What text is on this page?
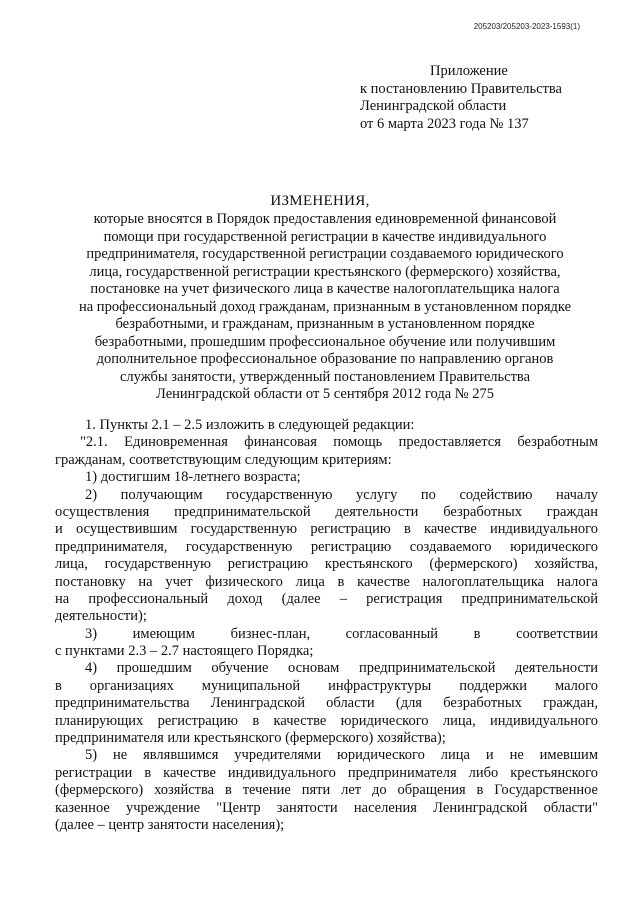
205203/205203-2023-1593(1)
Приложение
к постановлению Правительства
Ленинградской области
от 6 марта 2023 года № 137
ИЗМЕНЕНИЯ,
которые вносятся в Порядок предоставления единовременной финансовой
помощи при государственной регистрации в качестве индивидуального
предпринимателя, государственной регистрации создаваемого юридического
лица, государственной регистрации крестьянского (фермерского) хозяйства,
постановке на учет физического лица в качестве налогоплательщика налога
на профессиональный доход гражданам, признанным в установленном порядке
безработными, и гражданам, признанным в установленном порядке
безработными, прошедшим профессиональное обучение или получившим
дополнительное профессиональное образование по направлению органов
службы занятости, утвержденный постановлением Правительства
Ленинградской области от 5 сентября 2012 года № 275
1. Пункты 2.1 – 2.5 изложить в следующей редакции:
"2.1. Единовременная финансовая помощь предоставляется безработным
гражданам, соответствующим следующим критериям:
1) достигшим 18-летнего возраста;
2) получающим государственную услугу по содействию началу
осуществления предпринимательской деятельности безработных граждан
и осуществившим государственную регистрацию в качестве индивидуального
предпринимателя, государственную регистрацию создаваемого юридического
лица, государственную регистрацию крестьянского (фермерского) хозяйства,
постановку на учет физического лица в качестве налогоплательщика налога
на профессиональный доход (далее – регистрация предпринимательской
деятельности);
3) имеющим бизнес-план, согласованный в соответствии
с пунктами 2.3 – 2.7 настоящего Порядка;
4) прошедшим обучение основам предпринимательской деятельности
в организациях муниципальной инфраструктуры поддержки малого
предпринимательства Ленинградской области (для безработных граждан,
планирующих регистрацию в качестве юридического лица, индивидуального
предпринимателя или крестьянского (фермерского) хозяйства);
5) не являвшимся учредителями юридического лица и не имевшим
регистрации в качестве индивидуального предпринимателя либо крестьянского
(фермерского) хозяйства в течение пяти лет до обращения в Государственное
казенное учреждение "Центр занятости населения Ленинградской области"
(далее – центр занятости населения);
